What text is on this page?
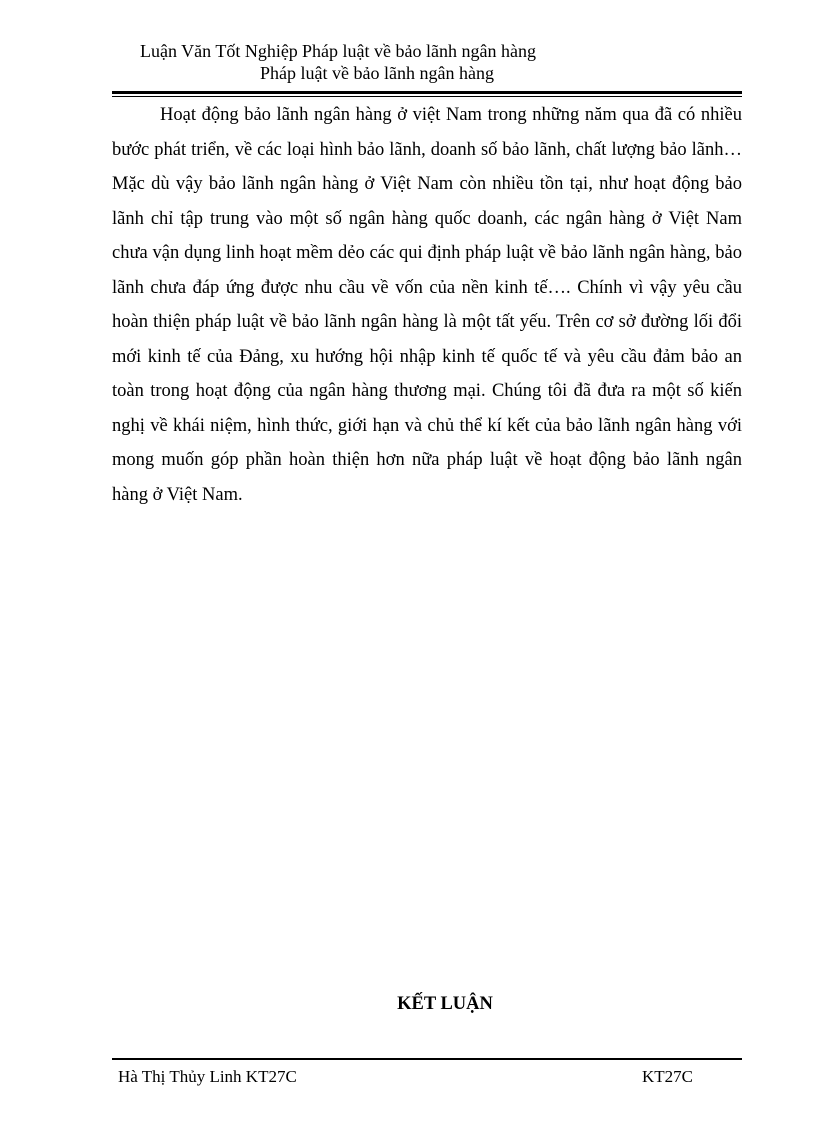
Luận Văn Tốt Nghiệp Pháp luật về bảo lãnh ngân hàng
Pháp luật về bảo lãnh ngân hàng

Hoạt động bảo lãnh ngân hàng ở việt Nam trong những năm qua đã có nhiều bước phát triển, về các loại hình bảo lãnh, doanh số bảo lãnh, chất lượng bảo lãnh…Mặc dù vậy bảo lãnh ngân hàng ở Việt Nam còn nhiều tồn tại, như hoạt động bảo lãnh chỉ tập trung vào một số ngân hàng quốc doanh, các ngân hàng ở Việt Nam chưa vận dụng linh hoạt mềm dẻo các qui định pháp luật về bảo lãnh ngân hàng, bảo lãnh chưa đáp ứng được nhu cầu về vốn của nền kinh tế…. Chính vì vậy yêu cầu hoàn thiện pháp luật về bảo lãnh ngân hàng là một tất yếu. Trên cơ sở đường lối đổi mới kinh tế của Đảng, xu hướng hội nhập kinh tế quốc tế và yêu cầu đảm bảo an toàn trong hoạt động của ngân hàng thương mại. Chúng tôi đã đưa ra một số kiến nghị về khái niệm, hình thức, giới hạn và chủ thể kí kết của bảo lãnh ngân hàng với mong muốn góp phần hoàn thiện hơn nữa pháp luật về hoạt động bảo lãnh ngân hàng ở Việt Nam.

KẾT LUẬN
Hà Thị Thủy Linh KT27C	KT27C
